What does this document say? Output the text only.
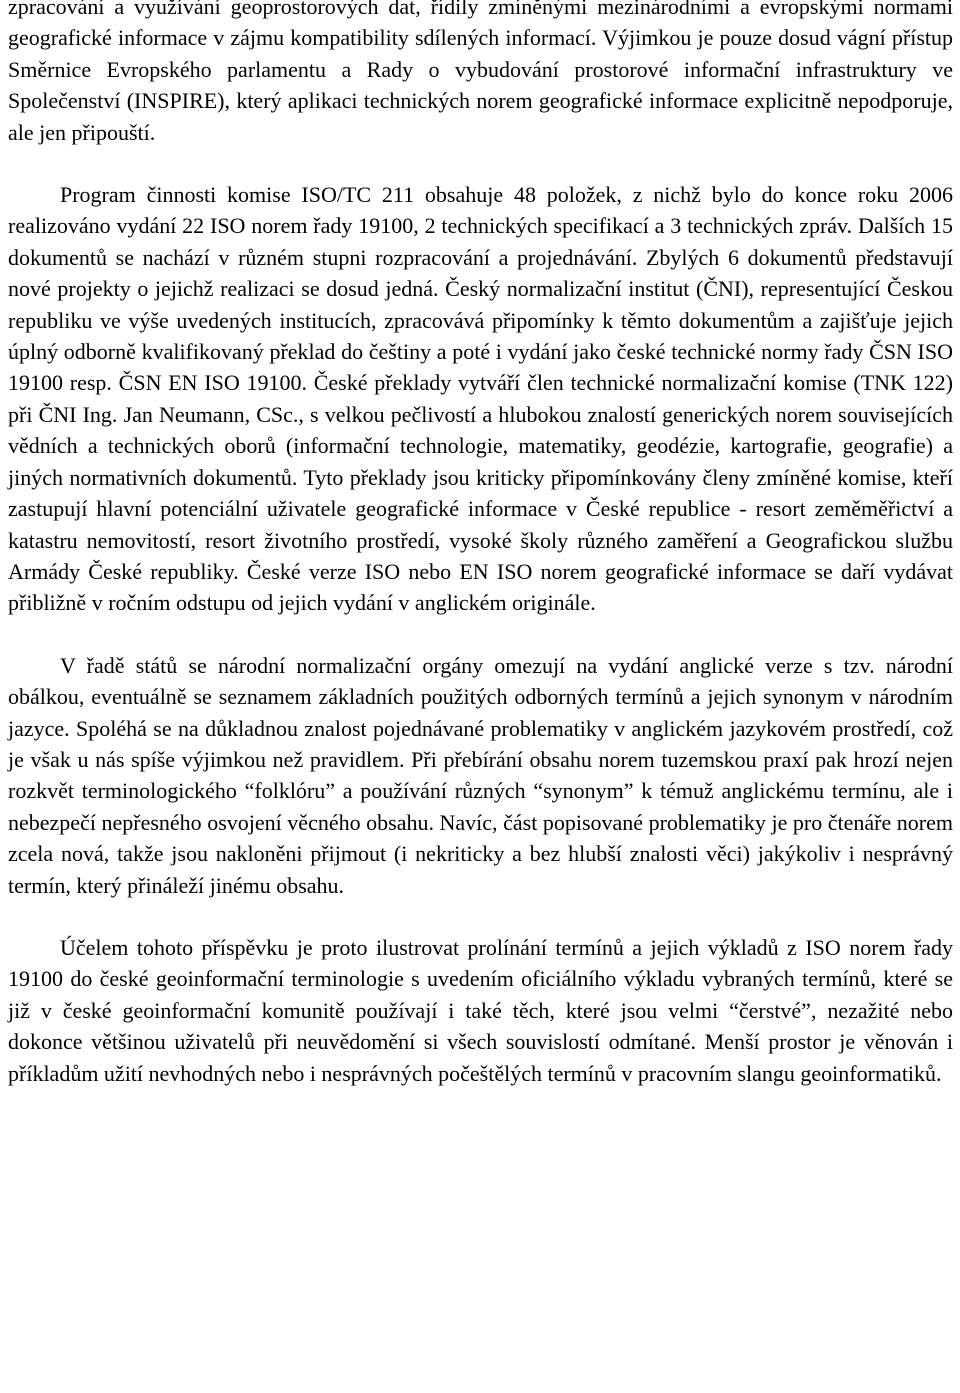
zpracování a využívání geoprostorových dat, řídily zmíněnými mezinárodními a evropskými normami geografické informace v zájmu kompatibility sdílených informací. Výjimkou je pouze dosud vágní přístup Směrnice Evropského parlamentu a Rady o vybudování prostorové informační infrastruktury ve Společenství (INSPIRE), který aplikaci technických norem geografické informace explicitně nepodporuje, ale jen připouští.

Program činnosti komise ISO/TC 211 obsahuje 48 položek, z nichž bylo do konce roku 2006 realizováno vydání 22 ISO norem řady 19100, 2 technických specifikací a 3 technických zpráv. Dalších 15 dokumentů se nachází v různém stupni rozpracování a projednávání. Zbylých 6 dokumentů představují nové projekty o jejichž realizaci se dosud jedná. Český normalizační institut (ČNI), representující Českou republiku ve výše uvedených institucích, zpracovává připomínky k těmto dokumentům a zajišťuje jejich úplný odborně kvalifikovaný překlad do češtiny a poté i vydání jako české technické normy řady ČSN ISO 19100 resp. ČSN EN ISO 19100. České překlady vytváří člen technické normalizační komise (TNK 122) při ČNI Ing. Jan Neumann, CSc., s velkou pečlivostí a hlubokou znalostí generických norem souvisejících vědních a technických oborů (informační technologie, matematiky, geodézie, kartografie, geografie) a jiných normativních dokumentů. Tyto překlady jsou kriticky připomínkovány členy zmíněné komise, kteří zastupují hlavní potenciální uživatele geografické informace v České republice - resort zeměměřictví a katastru nemovitostí, resort životního prostředí, vysoké školy různého zaměření a Geografickou službu Armády České republiky. České verze ISO nebo EN ISO norem geografické informace se daří vydávat přibližně v ročním odstupu od jejich vydání v anglickém originále.

V řadě států se národní normalizační orgány omezují na vydání anglické verze s tzv. národní obálkou, eventuálně se seznamem základních použitých odborných termínů a jejich synonym v národním jazyce. Spoléhá se na důkladnou znalost pojednávané problematiky v anglickém jazykovém prostředí, což je však u nás spíše výjimkou než pravidlem. Při přebírání obsahu norem tuzemskou praxí pak hrozí nejen rozkvět terminologického “folklóru” a používání různých “synonym” k témuž anglickému termínu, ale i nebezpečí nepřesného osvojení věcného obsahu. Navíc, část popisované problematiky je pro čtenáře norem zcela nová, takže jsou nakloněni přijmout (i nekriticky a bez hlubší znalosti věci) jakýkoliv i nesprávný termín, který přináleží jinému obsahu.

Účelem tohoto příspěvku je proto ilustrovat prolínání termínů a jejich výkladů z ISO norem řady 19100 do české geoinformační terminologie s uvedením oficiálního výkladu vybraných termínů, které se již v české geoinformační komunitě používají i také těch, které jsou velmi “čerstvé”, nezažité nebo dokonce většinou uživatelů při neuvědomění si všech souvislostí odmítané. Menší prostor je věnován i příkladům užití nevhodných nebo i nesprávných počeštělých termínů v pracovním slangu geoinformatiků.
